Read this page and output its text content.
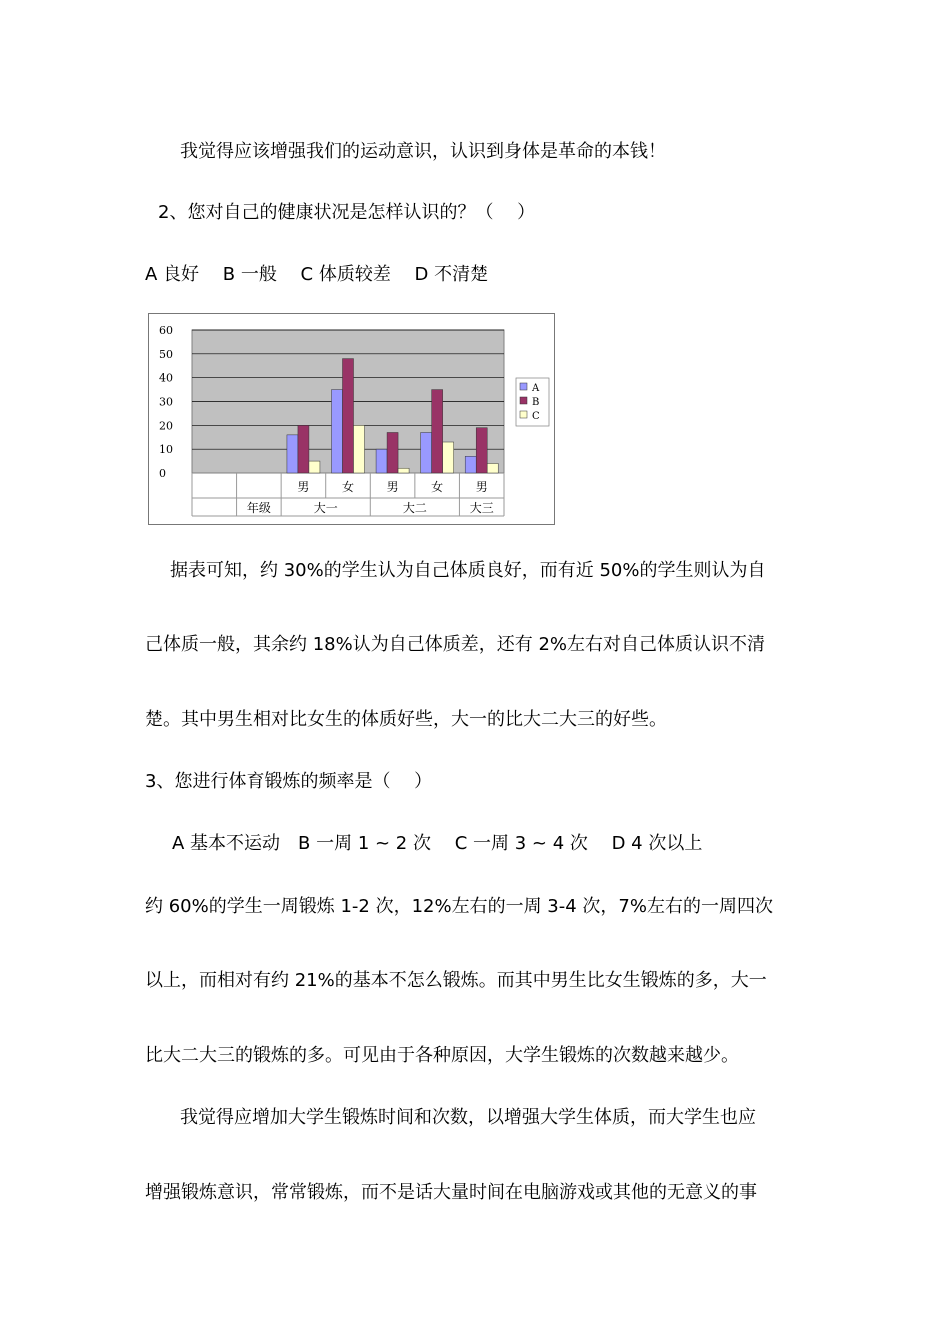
我觉得应该增强我们的运动意识，认识到身体是革命的本钱！
2、您对自己的健康状况是怎样认识的？（　 ）
A 良好　 B 一般　 C 体质较差　 D 不清楚
0
10
20
30
40
50
60
男	女	男	女	男
年级	大一	大二	大三
A
B
C
据表可知，约 30%的学生认为自己体质良好，而有近 50%的学生则认为自
己体质一般，其余约 18%认为自己体质差，还有 2%左右对自己体质认识不清
楚。其中男生相对比女生的体质好些，大一的比大二大三的好些。
3、您进行体育锻炼的频率是（　 ）
A 基本不运动　B 一周 1 ~ 2 次　 C 一周 3 ~ 4 次　 D 4 次以上
约 60%的学生一周锻炼 1-2 次，12%左右的一周 3-4 次，7%左右的一周四次
以上，而相对有约 21%的基本不怎么锻炼。而其中男生比女生锻炼的多，大一
比大二大三的锻炼的多。可见由于各种原因，大学生锻炼的次数越来越少。
我觉得应增加大学生锻炼时间和次数，以增强大学生体质，而大学生也应
增强锻炼意识，常常锻炼，而不是话大量时间在电脑游戏或其他的无意义的事
